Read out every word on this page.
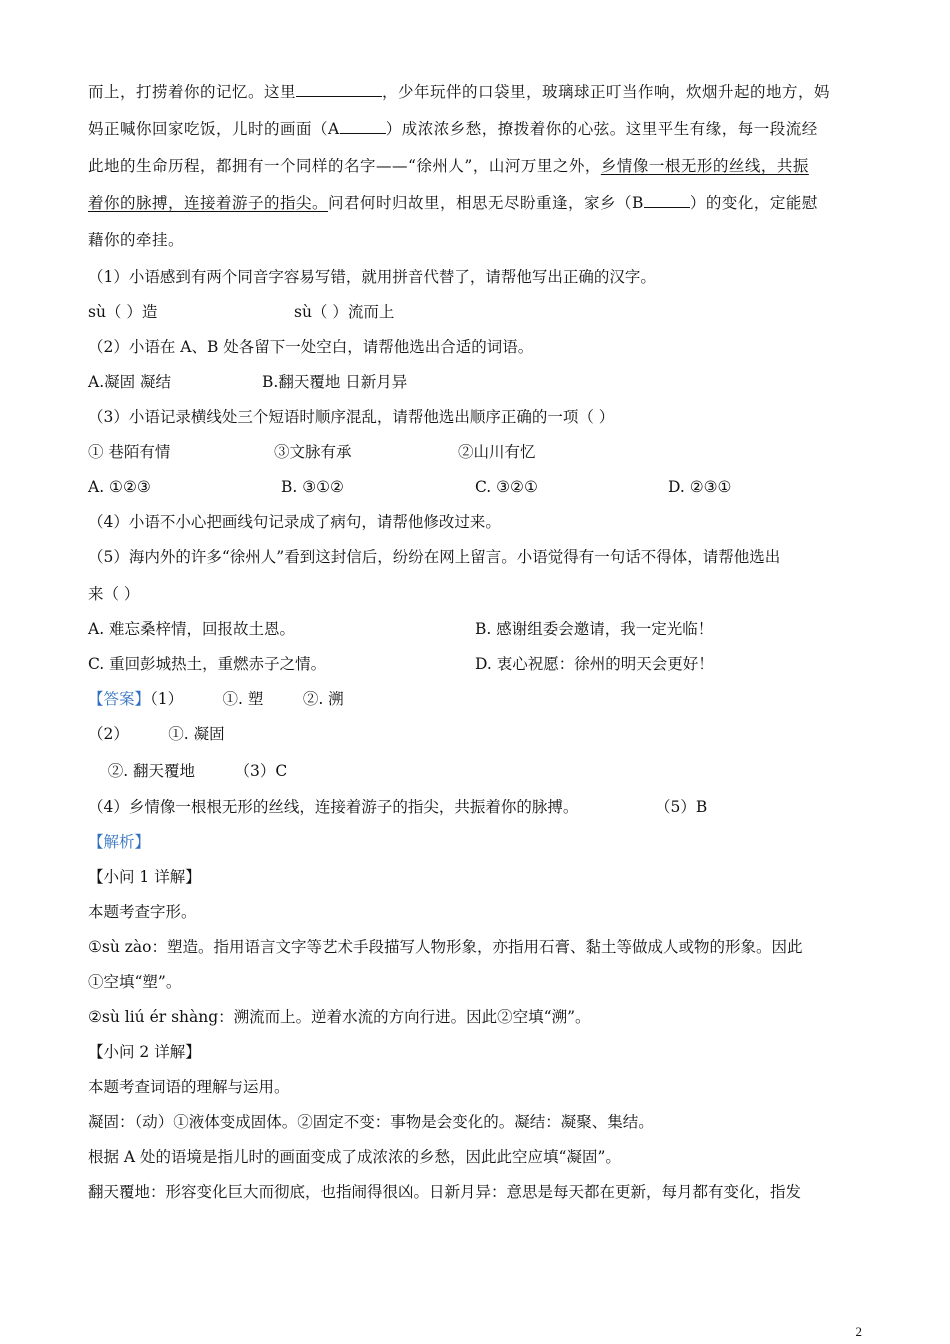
而上，打捞着你的记忆。这里	，少年玩伴的口袋里，玻璃球正叮当作响，炊烟升起的地方，妈
妈正喊你回家吃饭，儿时的画面（A	）成浓浓乡愁，撩拨着你的心弦。这里平生有缘，每一段流经
此地的生命历程，都拥有一个同样的名字——“徐州人”，山河万里之外，乡情像一根无形的丝线，共振
着你的脉搏，连接着游子的指尖。问君何时归故里，相思无尽盼重逢，家乡（B	）的变化，定能慰
藉你的牵挂。
（1）小语感到有两个同音字容易写错，就用拼音代替了，请帮他写出正确的汉字。
sù（ ）造	sù（ ）流而上
（2）小语在 A、B 处各留下一处空白，请帮他选出合适的词语。
A.凝固 凝结	B.翻天覆地 日新月异
（3）小语记录横线处三个短语时顺序混乱，请帮他选出顺序正确的一项（ ）
① 巷陌有情	③文脉有承	②山川有忆
A. ①②③	B. ③①②	C. ③②①	D. ②③①
（4）小语不小心把画线句记录成了病句，请帮他修改过来。
（5）海内外的许多“徐州人”看到这封信后，纷纷在网上留言。小语觉得有一句话不得体，请帮他选出
来（ ）
A. 难忘桑梓情，回报故土恩。	B. 感谢组委会邀请，我一定光临！
C. 重回彭城热土，重燃赤子之情。	D. 衷心祝愿：徐州的明天会更好！
【答案】（1）        ①. 塑        ②. 溯
（2）        ①. 凝固
②. 翻天覆地        （3）C
（4）乡情像一根根无形的丝线，连接着游子的指尖，共振着你的脉搏。	（5）B
【解析】
【小问 1 详解】
本题考查字形。
①sù zào：塑造。指用语言文字等艺术手段描写人物形象，亦指用石膏、黏土等做成人或物的形象。因此
①空填“塑”。
②sù liú ér shàng：溯流而上。逆着水流的方向行进。因此②空填“溯”。
【小问 2 详解】
本题考查词语的理解与运用。
凝固：（动）①液体变成固体。②固定不变：事物是会变化的。凝结：凝聚、集结。
根据 A 处的语境是指儿时的画面变成了成浓浓的乡愁，因此此空应填“凝固”。
翻天覆地：形容变化巨大而彻底，也指闹得很凶。日新月异：意思是每天都在更新，每月都有变化，指发
2
